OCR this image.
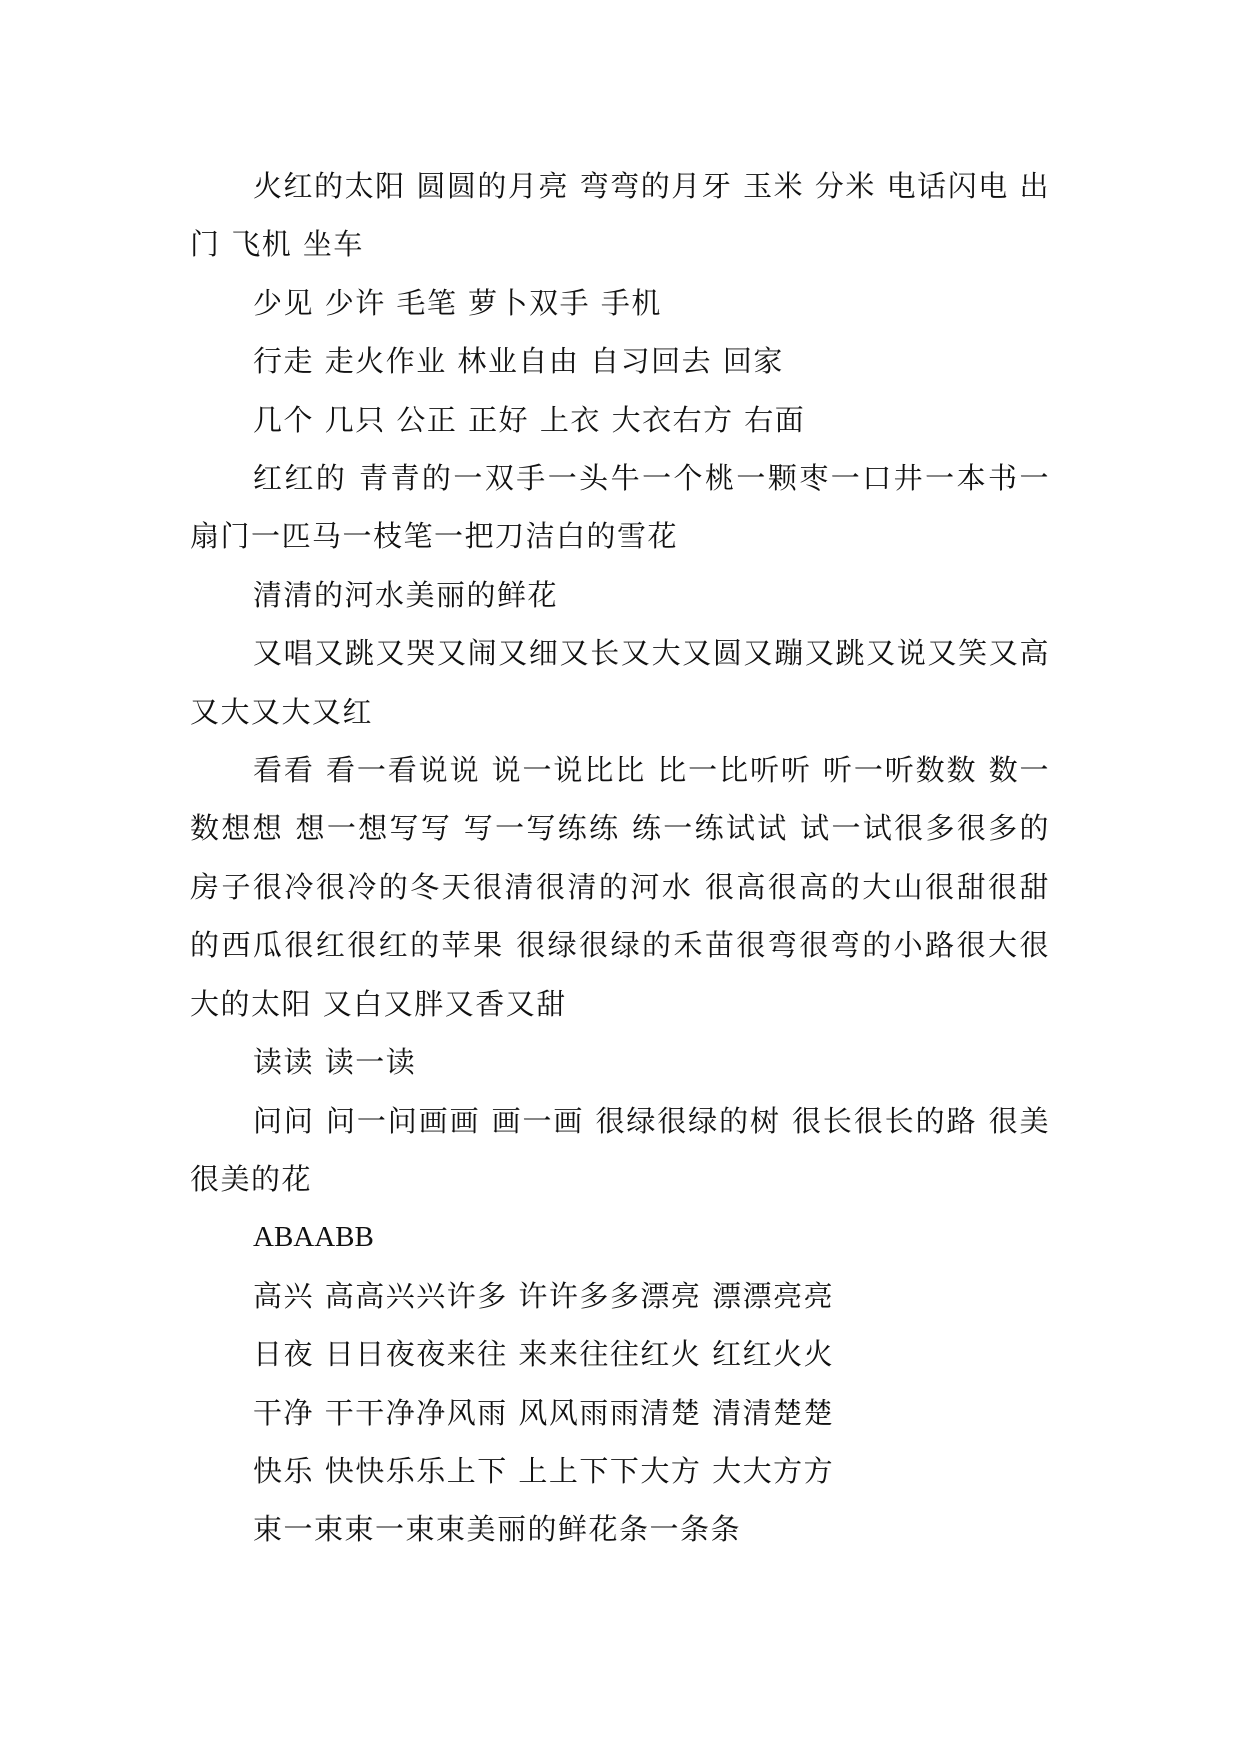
火红的太阳 圆圆的月亮 弯弯的月牙 玉米 分米 电话闪电 出门 飞机 坐车

少见 少许 毛笔 萝卜双手 手机

行走 走火作业 林业自由 自习回去 回家

几个 几只 公正 正好 上衣 大衣右方 右面

红红的 青青的一双手一头牛一个桃一颗枣一口井一本书一扇门一匹马一枝笔一把刀洁白的雪花

清清的河水美丽的鲜花

又唱又跳又哭又闹又细又长又大又圆又蹦又跳又说又笑又高又大又大又红

看看 看一看说说 说一说比比 比一比听听 听一听数数 数一数想想 想一想写写 写一写练练 练一练试试 试一试很多很多的房子很冷很冷的冬天很清很清的河水 很高很高的大山很甜很甜的西瓜很红很红的苹果 很绿很绿的禾苗很弯很弯的小路很大很大的太阳 又白又胖又香又甜

读读 读一读

问问 问一问画画 画一画 很绿很绿的树 很长很长的路 很美很美的花

ABAABB

高兴 高高兴兴许多 许许多多漂亮 漂漂亮亮

日夜 日日夜夜来往 来来往往红火 红红火火

干净 干干净净风雨 风风雨雨清楚 清清楚楚

快乐 快快乐乐上下 上上下下大方 大大方方

束一束束一束束美丽的鲜花条一条条
